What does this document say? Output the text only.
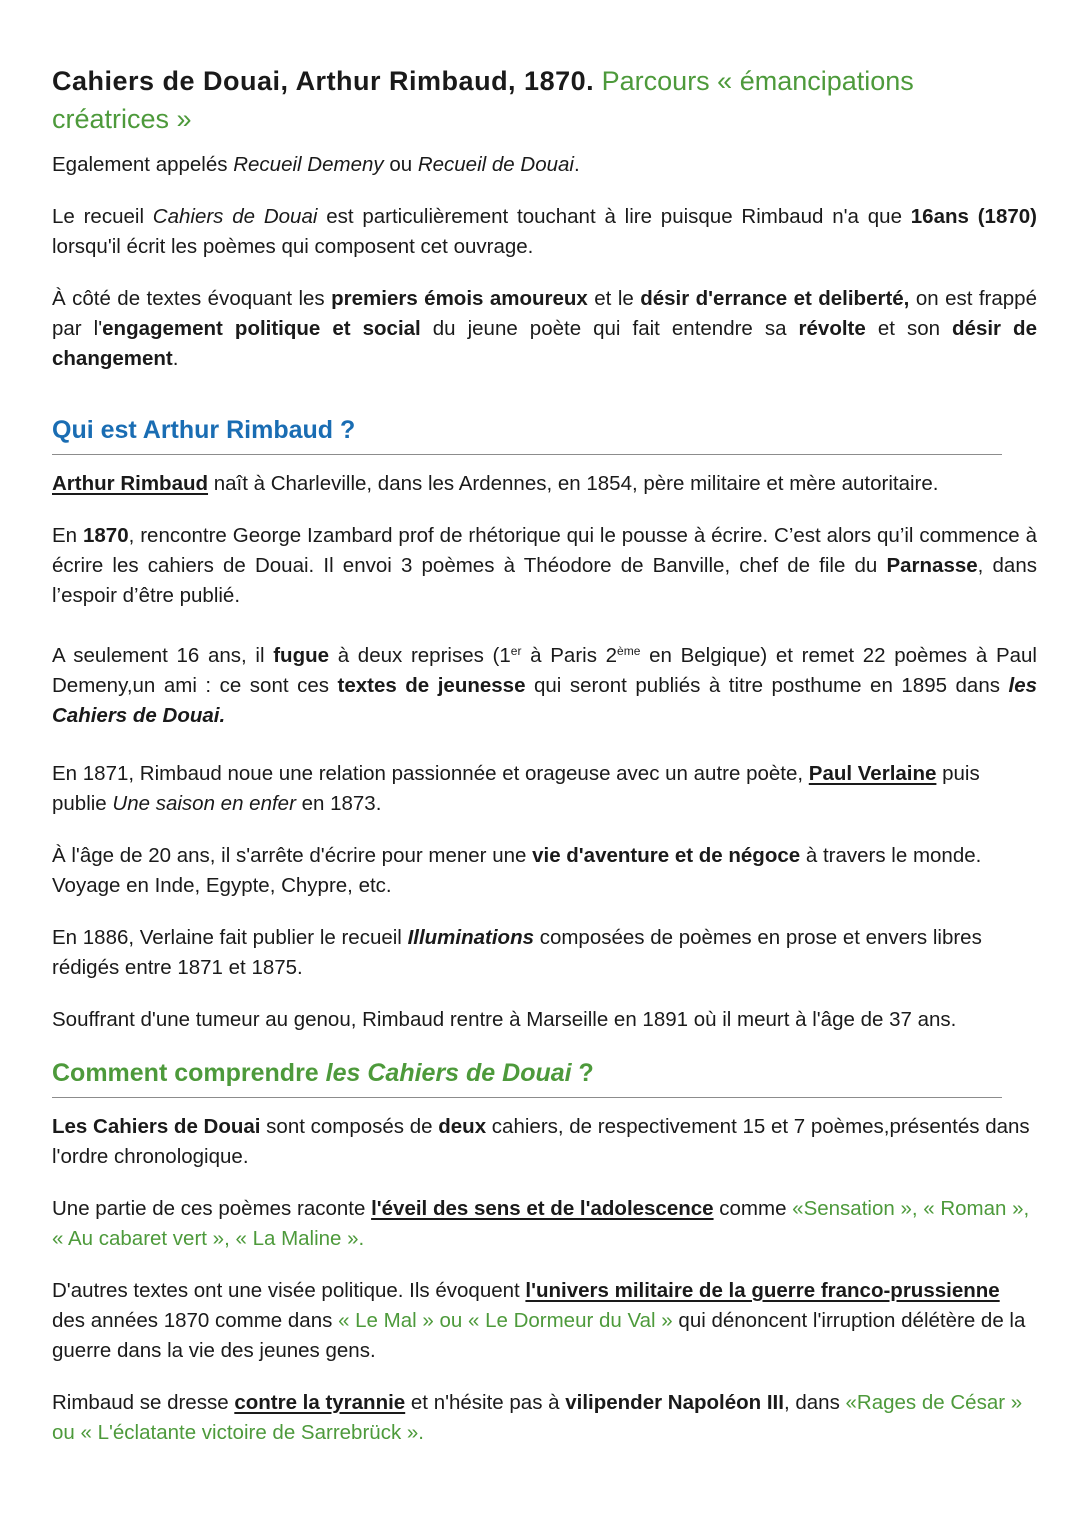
Cahiers de Douai, Arthur Rimbaud, 1870. Parcours « émancipations
créatrices »

Egalement appelés Recueil Demeny ou Recueil de Douai.

Le recueil Cahiers de Douai est particulièrement touchant à lire puisque Rimbaud n'a que 16ans (1870) lorsqu'il écrit les poèmes qui composent cet ouvrage.

À côté de textes évoquant les premiers émois amoureux et le désir d'errance et deliberté, on est frappé par l'engagement politique et social du jeune poète qui fait entendre sa révolte et son désir de changement.

Qui est Arthur Rimbaud ?

Arthur Rimbaud naît à Charleville, dans les Ardennes, en 1854, père militaire et mère autoritaire.

En 1870, rencontre George Izambard prof de rhétorique qui le pousse à écrire. C’est alors qu’il commence à écrire les cahiers de Douai. Il envoi 3 poèmes à Théodore de Banville, chef de file du Parnasse, dans l’espoir d’être publié.

A seulement 16 ans, il fugue à deux reprises (1er à Paris 2ème en Belgique) et remet 22 poèmes à Paul Demeny,un ami : ce sont ces textes de jeunesse qui seront publiés à titre posthume en 1895 dans les Cahiers de Douai.

En 1871, Rimbaud noue une relation passionnée et orageuse avec un autre poète, Paul Verlaine puis publie Une saison en enfer en 1873.

À l'âge de 20 ans, il s'arrête d'écrire pour mener une vie d'aventure et de négoce à travers le monde. Voyage en Inde, Egypte, Chypre, etc.

En 1886, Verlaine fait publier le recueil Illuminations composées de poèmes en prose et envers libres rédigés entre 1871 et 1875.

Souffrant d'une tumeur au genou, Rimbaud rentre à Marseille en 1891 où il meurt à l'âge de 37 ans.

Comment comprendre les Cahiers de Douai ?

Les Cahiers de Douai sont composés de deux cahiers, de respectivement 15 et 7 poèmes,présentés dans l'ordre chronologique.

Une partie de ces poèmes raconte l'éveil des sens et de l'adolescence comme «Sensation », « Roman », « Au cabaret vert », « La Maline ».

D'autres textes ont une visée politique. Ils évoquent l'univers militaire de la guerre franco-prussienne des années 1870 comme dans « Le Mal » ou « Le Dormeur du Val » qui dénoncent l'irruption délétère de la guerre dans la vie des jeunes gens.

Rimbaud se dresse contre la tyrannie et n'hésite pas à vilipender Napoléon III, dans «Rages de César » ou « L'éclatante victoire de Sarrebrück ».
